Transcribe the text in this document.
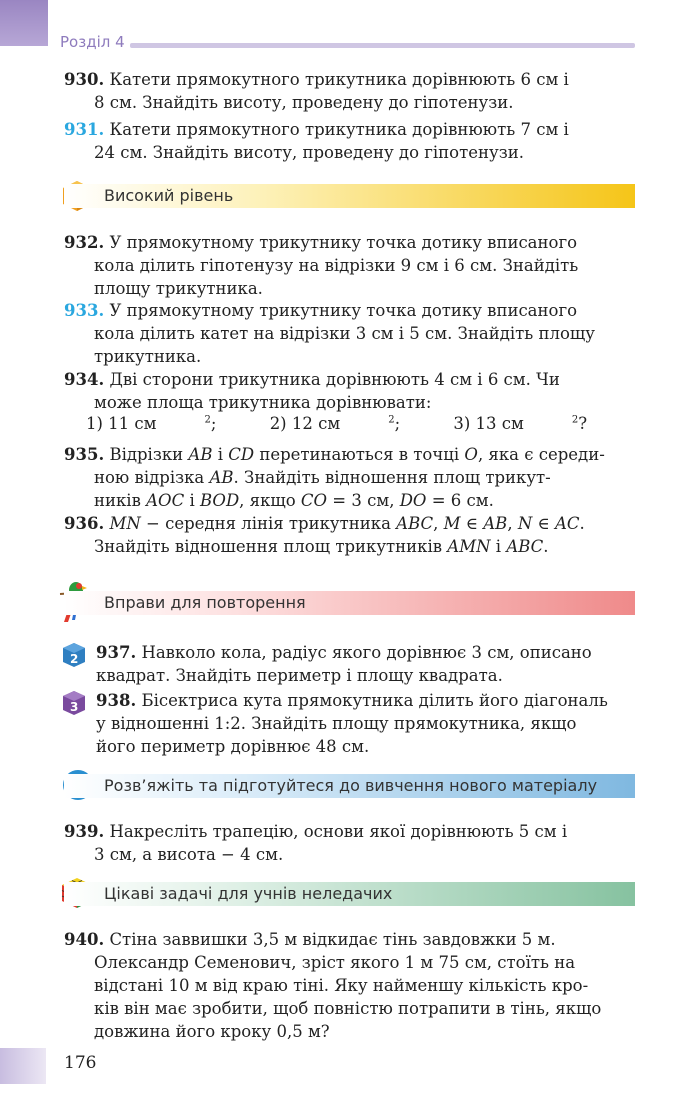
Розділ 4
930. Катети прямокутного трикутника дорівнюють 6 см і

8 см. Знайдіть висоту, проведену до гіпотенузи.
931. Катети прямокутного трикутника дорівнюють 7 см і

24 см. Знайдіть висоту, проведену до гіпотенузи.
Високий рівень
932. У прямокутному трикутнику точка дотику вписаного

кола ділить гіпотенузу на відрізки 9 см і 6 см. Знайдіть
площу трикутника.
933. У прямокутному трикутнику точка дотику вписаного

кола ділить катет на відрізки 3 см і 5 см. Знайдіть площу
трикутника.
934. Дві сторони трикутника дорівнюють 4 см і 6 см. Чи

може площа трикутника дорівнювати:
1) 11 см	$^2$;	2) 12 см	$^2$;	3) 13 см	$^2$?
935. Відрізки AB і CD перетинаються в точці O, яка є середи-

ною відрізка AB. Знайдіть відношення площ трикут-
ників AOC і BOD, якщо CO = 3 см, DO = 6 см.
936. MN − середня лінія трикутника ABC, M ∈ AB, N ∈ AC.

Знайдіть відношення площ трикутників AMN і ABC.
Вправи для повторення
2	937. Навколо кола, радіус якого дорівнює 3 см, описано
квадрат. Знайдіть периметр і площу квадрата.
3	938. Бісектриса кута прямокутника ділить його діагональ
у відношенні 1:2. Знайдіть площу прямокутника, якщо
його периметр дорівнює 48 см.
Розв’яжіть та підготуйтеся до вивчення нового матеріалу
939. Накресліть трапецію, основи якої дорівнюють 5 см і

3 см, а висота − 4 см.
Цікаві задачі для учнів неледачих
940. Стіна заввишки 3,5 м відкидає тінь завдовжки 5 м.

Олександр Семенович, зріст якого 1 м 75 см, стоїть на
відстані 10 м від краю тіні. Яку найменшу кількість кро-
ків він має зробити, щоб повністю потрапити в тінь, якщо
довжина його кроку 0,5 м?
176
